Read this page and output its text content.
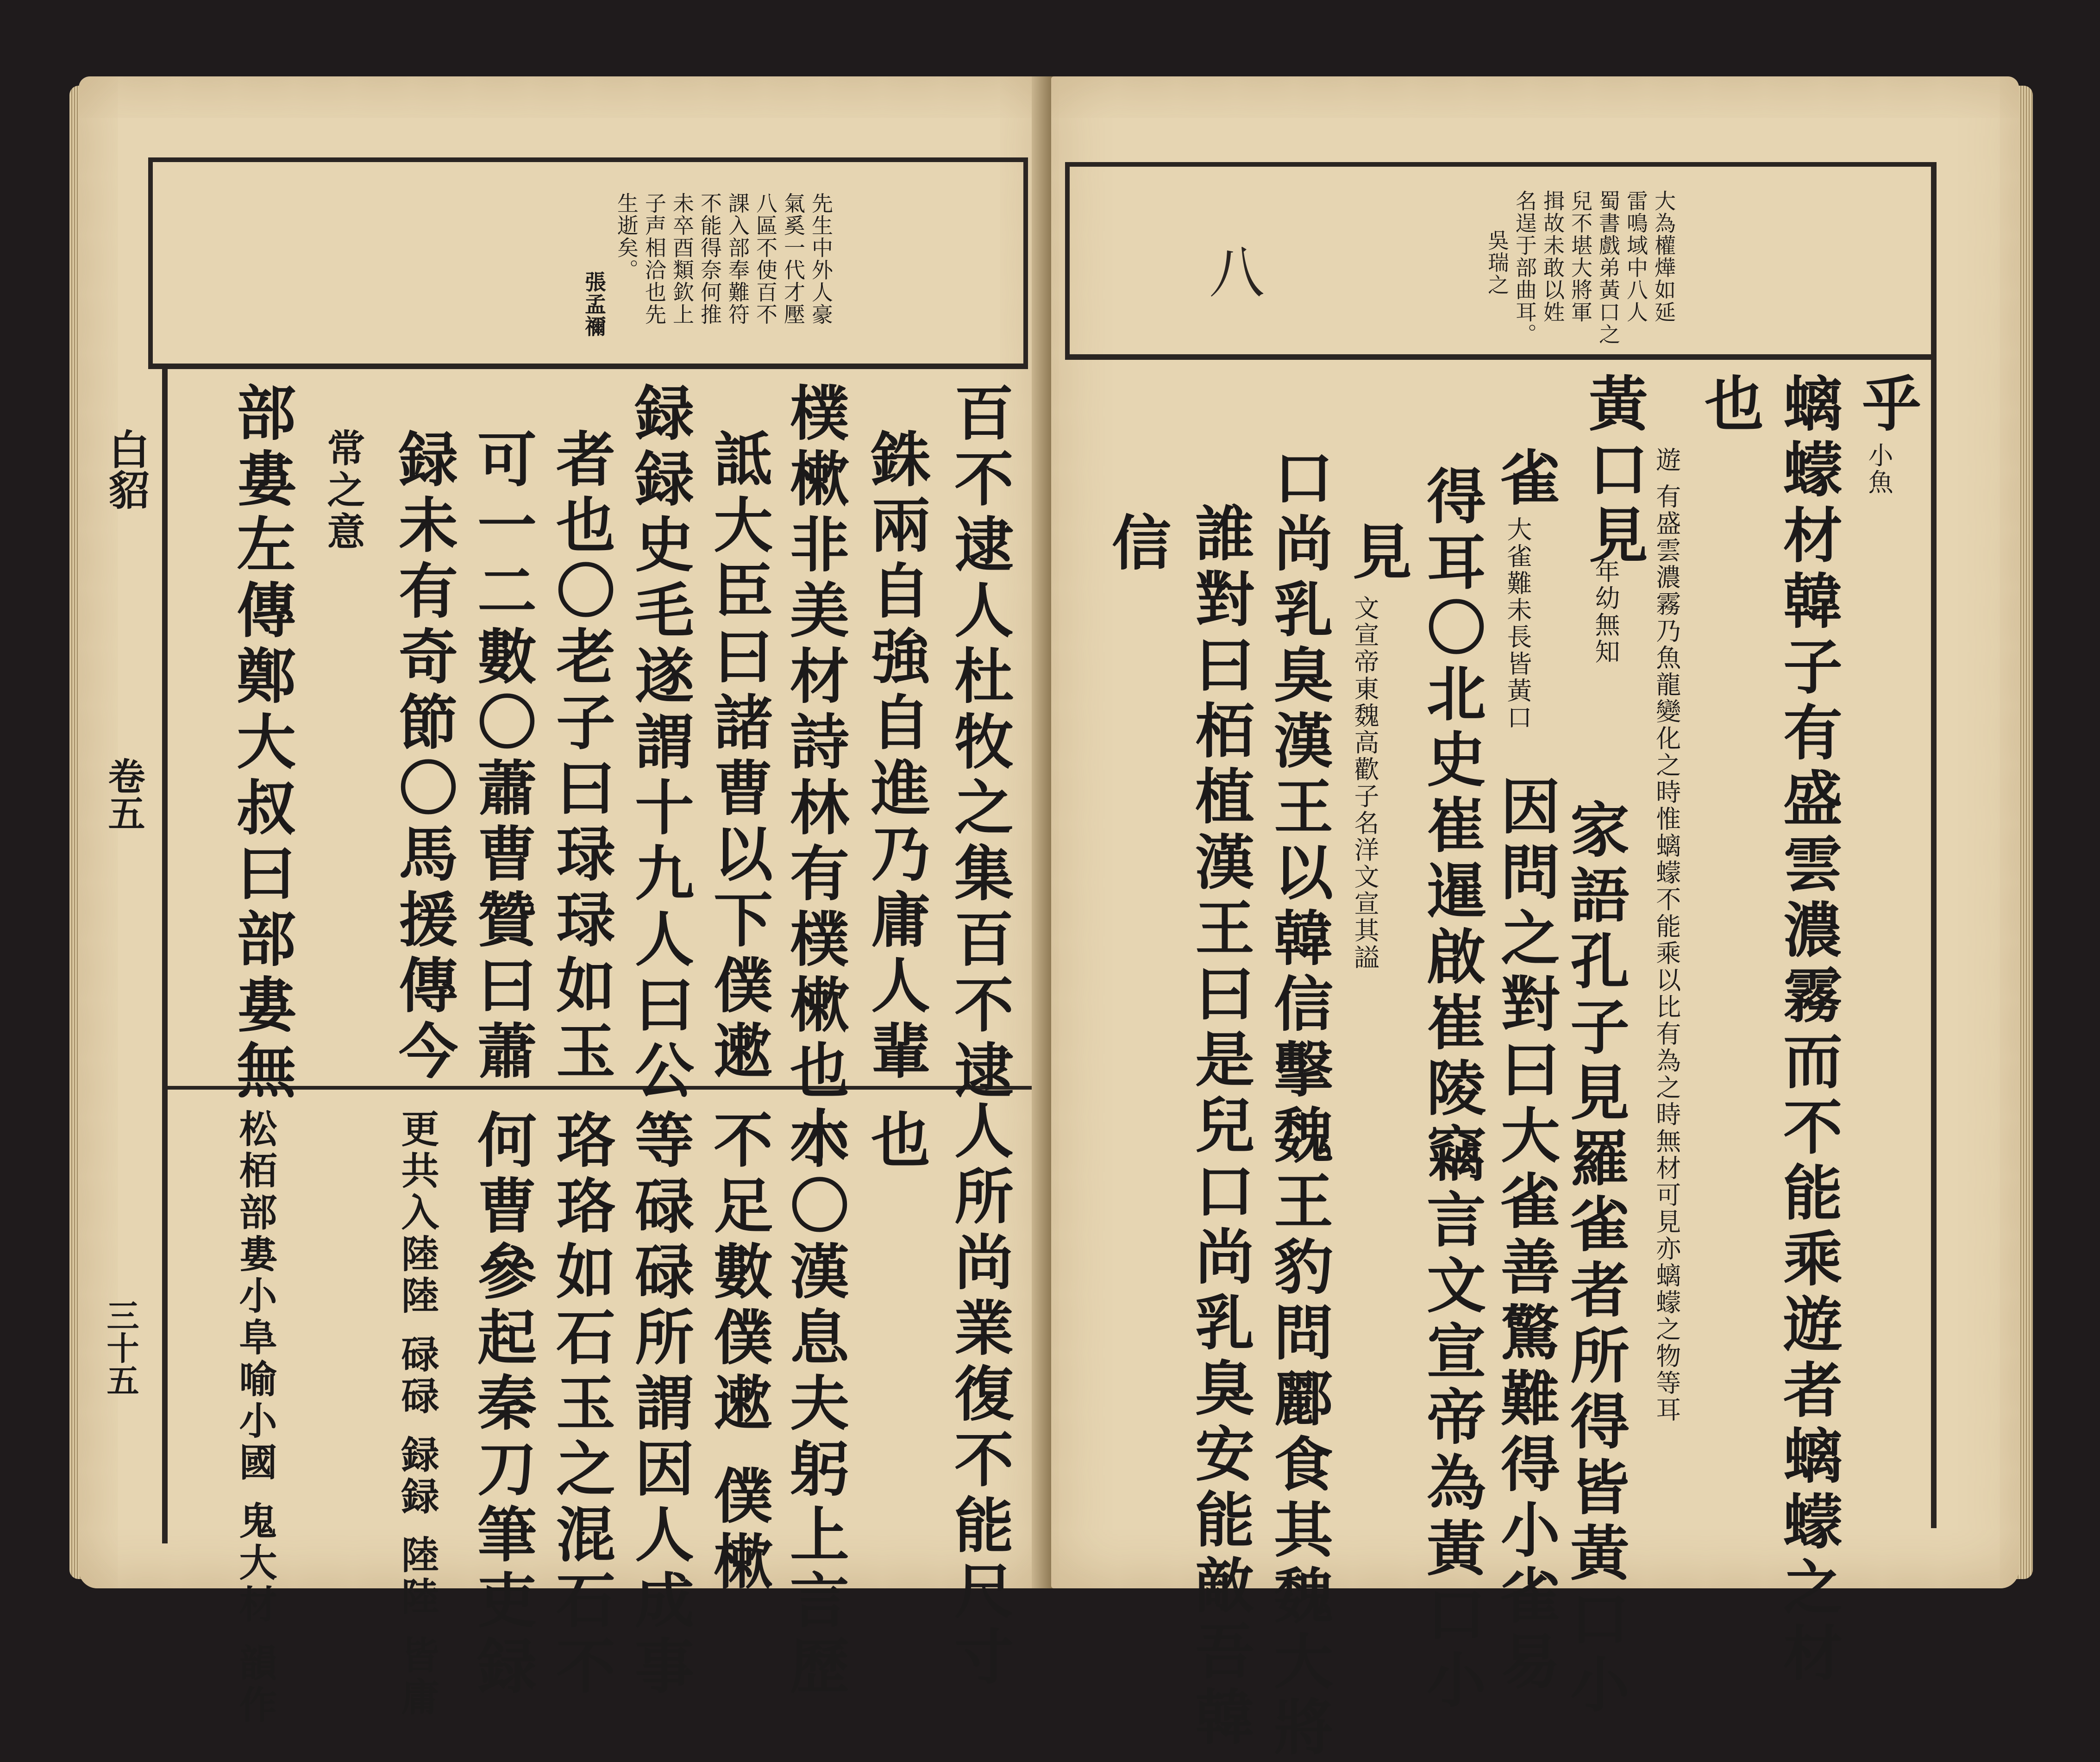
先生中外人豪
氣奚一代才壓
八區不使百不
課入部奉難符
不能得奈何推
未卒酉類欽上
子声相洽也先
生逝矣。
張孟禰
白貂
卷五
三十五
百不逮人杜牧之集百不逮
人所尚業復不能尺寸
銖兩自強自進乃庸人輩
也
樸樕非美材詩林有樸樕也小
木〇漢息夫躬上言歷
詆大臣曰諸曹以下僕遬
不足數僕遬 僕樕
録録史毛遂謂十九人曰公
等碌碌所謂因人成事
者也〇老子曰琭琭如玉
珞珞如石玉之混石不
可一二數〇蕭曹贊曰蕭
何曹參起秦刀筆吏録
録未有奇節〇馬援傳今
更共入陸陸 碌碌 録録 陸陸 皆庸
常之意
部婁左傳鄭大叔曰部婁無
松栢部婁小阜喻小國 鬼大材 韻作
大為權燁如延
雷鳴域中八人
蜀書戲弟黃口之
兒不堪大將軍
揖故未敢以姓
名逞于部曲耳。
吳瑞之
八
乎
小魚
螭蠓材韓子有盛雲濃霧而不能乘遊者螭蠓之材
也
遊 有盛雲濃霧乃魚龍變化之時惟螭蠓不能乘以比有為之時無材可見亦螭蠓之物等耳
黃口見
年幼無知
家語孔子見羅雀者所得皆黃口小
雀
大雀難未長皆黃口
因問之對曰大雀善驚難得小雀易
得耳〇北史崔暹啟崔陵竊言文宣帝為黃口小
見
文宣帝東魏高歡子名洋文宣其謚
口尚乳臭漢王以韓信擊魏王豹問酈食其魏大將
誰對曰栢植漢王曰是兒口尚乳臭安能敵吾韓
信
